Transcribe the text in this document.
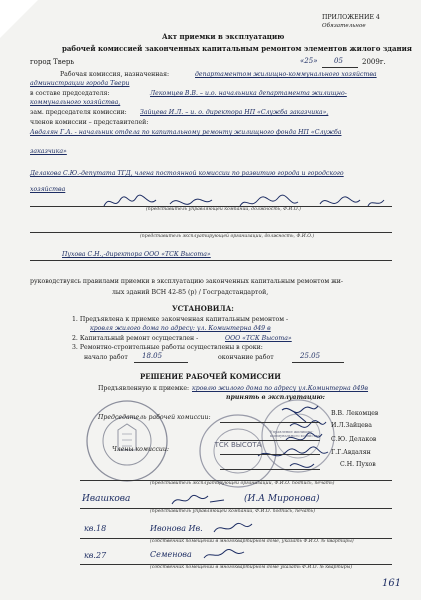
ПРИЛОЖЕНИЕ 4
Обязательное
Акт приемки в эксплуатацию
рабочей комиссией законченных капитальным ремонтом элементов жилого здания
город Тверь	«25» 05	2009г.
Рабочая комиссия, назначенная:	департаментом жилищно-коммунального хозяйства
администрации города Твери
в составе председателя:	Лекомцев В.В. – и.о. начальника департамента жилищно-
коммунального хозяйства,
зам. председателя комиссии: Зайцева И.Л. – и. о. директора НП «Служба заказчика»,
членов комиссии – представителей:
Авдалян Г.А. - начальник отдела по капитальному ремонту жилищного фонда НП «Служба
заказчика»
Делакова С.Ю.-депутата ТГД, члена постоянной комиссии по развитию города и городского
хозяйства
(представитель управляющей компании, должность, Ф.И.О.)
(представитель эксплуатирующей организации, должность, Ф.И.О.)
Пухова С.Н.,-директора ООО «ТСК Высота»
руководствуясь правилами приемки в эксплуатацию законченных капитальным ремонтом жи-
лых зданий ВСН 42-85 (р) / Госградстандартой,
УСТАНОВИЛА:
1. Предъявлена к приемке законченная капитальным ремонтом -
кровля жилого дома по адресу: ул. Коминтерна д49 в
2. Капитальный ремонт осуществлен -	ООО «ТСК Высота»
3. Ремонтно-строительные работы осуществлены в сроки:
начало работ 18.05	окончание работ	25.05
РЕШЕНИЕ РАБОЧЕЙ КОМИССИИ
Предъявленную к приемке: кровлю жилого дома по адресу ул.Коминтерна д49в
принять в эксплуатацию:
ТСК ВЫСОТА
Управление жилищно-коммунального хозяйства
Председатель рабочей комиссии:
Члены комиссии:
В.В. Лекомцев
И.Л.Зайцева
С.Ю. Делаков
Г.Г.Авдалян
С.Н. Пухов
(представитель эксплуатирующей организации, Ф.И.О. подпись, печать)
Ивашкова	(И.А Миронова)
(представитель управляющей компании, Ф.И.О. подпись, печать)
кв.18	Ивонова Ив.
(собственник помещений в многоквартирном доме, указать Ф.И.О. № квартиры)
кв.27	Семенова
(собственник помещений в многоквартирном доме указать Ф.И.О. № квартиры)
161
